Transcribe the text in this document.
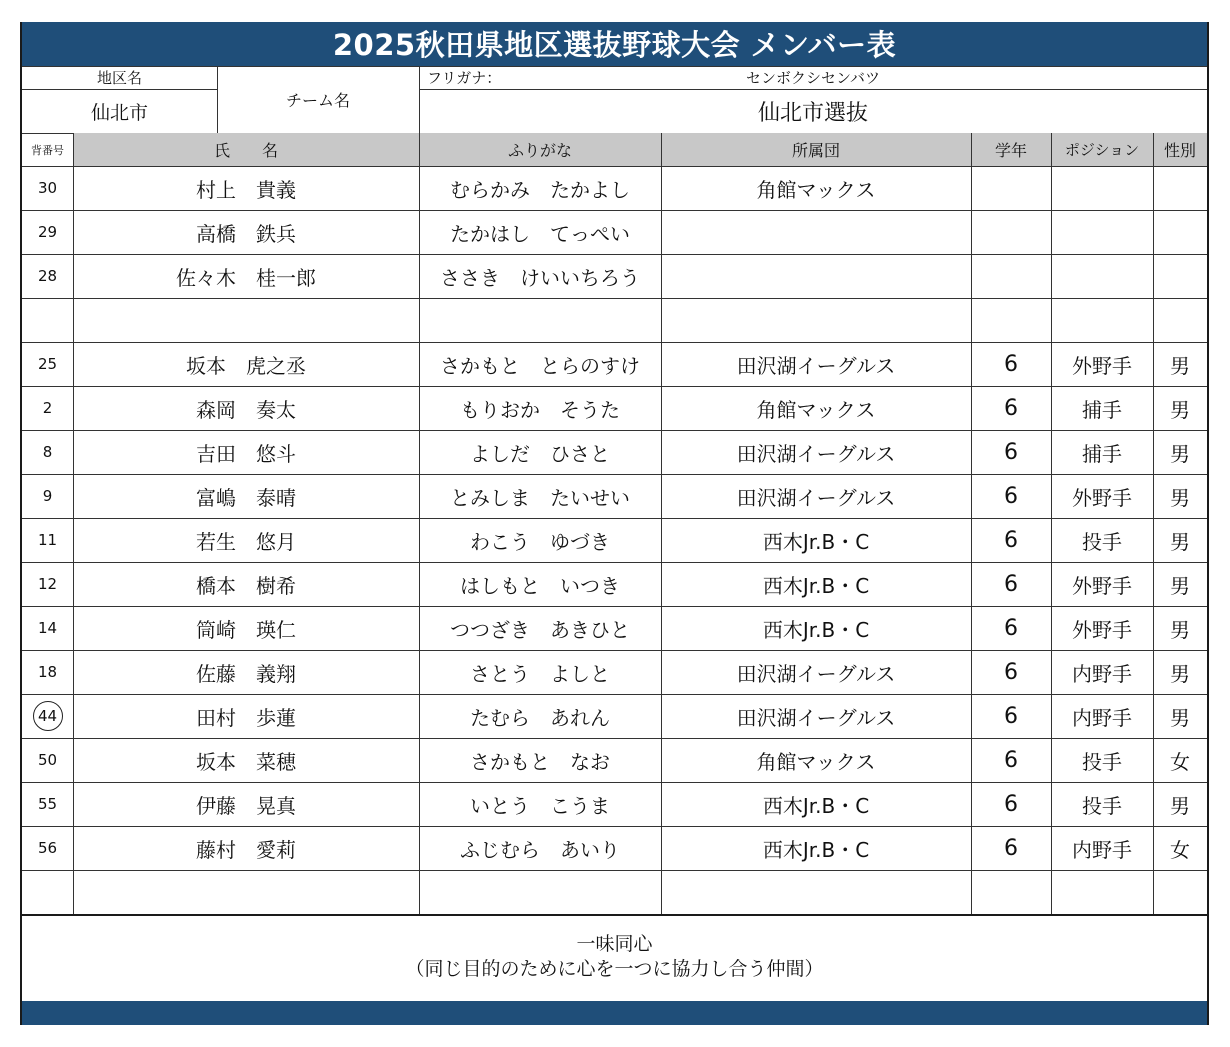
2025秋田県地区選抜野球大会 メンバー表
一味同心
（同じ目的のために心を一つに協力し合う仲間）
地区名
仙北市
チーム名
フリガナ：	センボクシセンバツ
仙北市選抜
背番号	氏　　名	ふりがな	所属団	学年	ポジション	性別
30	村上　貴義	むらかみ　たかよし	角館マックス
29	高橋　鉄兵	たかはし　てっぺい
28	佐々木　桂一郎	ささき　けいいちろう
25	坂本　虎之丞	さかもと　とらのすけ	田沢湖イーグルス	6	外野手	男
2	森岡　奏太	もりおか　そうた	角館マックス	6	捕手	男
8	吉田　悠斗	よしだ　ひさと	田沢湖イーグルス	6	捕手	男
9	富嶋　泰晴	とみしま　たいせい	田沢湖イーグルス	6	外野手	男
11	若生　悠月	わこう　ゆづき	西木Jr.B・C	6	投手	男
12	橋本　樹希	はしもと　いつき	西木Jr.B・C	6	外野手	男
14	筒崎　瑛仁	つつざき　あきひと	西木Jr.B・C	6	外野手	男
18	佐藤　義翔	さとう　よしと	田沢湖イーグルス	6	内野手	男
44	田村　歩蓮	たむら　あれん	田沢湖イーグルス	6	内野手	男
50	坂本　菜穂	さかもと　なお	角館マックス	6	投手	女
55	伊藤　晃真	いとう　こうま	西木Jr.B・C	6	投手	男
56	藤村　愛莉	ふじむら　あいり	西木Jr.B・C	6	内野手	女
